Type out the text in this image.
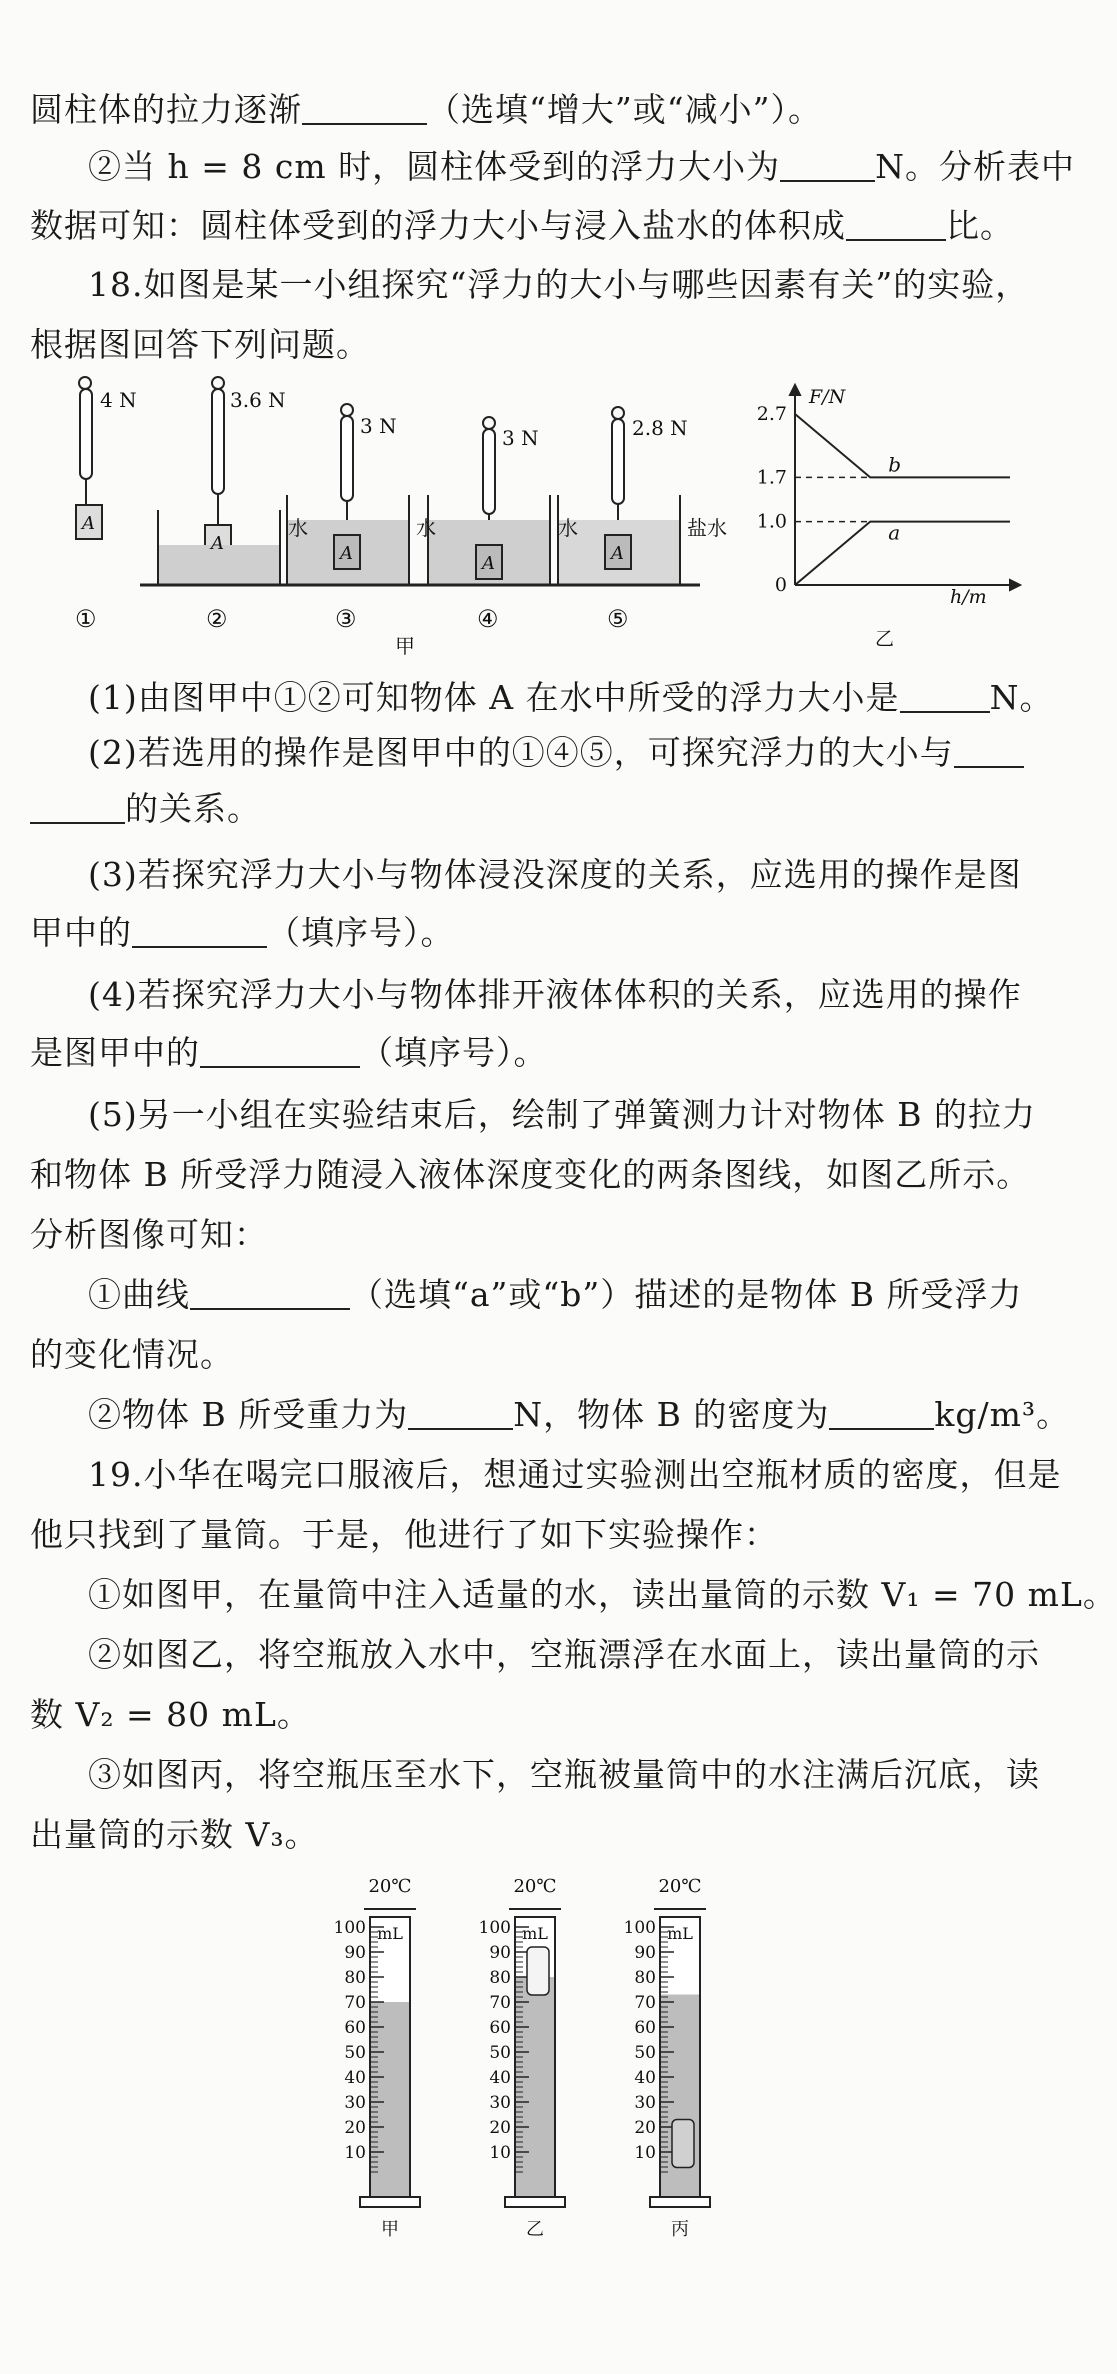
圆柱体的拉力逐渐	（选填“增大”或“减小”）。
②当 h = 8 cm 时，圆柱体受到的浮力大小为	N。分析表中
数据可知：圆柱体受到的浮力大小与浸入盐水的体积成	比。
18.如图是某一小组探究“浮力的大小与哪些因素有关”的实验，
根据图回答下列问题。
4 N	3.6 N
3 N	3 N	2.8 N
A
A	A	A	A
水	水	水	盐水
①	②	③	④	⑤
甲
2.7
1.7
1.0
0
b
a
F/N
h/m
乙
(1)由图甲中①②可知物体 A 在水中所受的浮力大小是	N。
(2)若选用的操作是图甲中的①④⑤，可探究浮力的大小与
的关系。
(3)若探究浮力大小与物体浸没深度的关系，应选用的操作是图
甲中的	（填序号）。
(4)若探究浮力大小与物体排开液体体积的关系，应选用的操作
是图甲中的	（填序号）。
(5)另一小组在实验结束后，绘制了弹簧测力计对物体 B 的拉力
和物体 B 所受浮力随浸入液体深度变化的两条图线，如图乙所示。
分析图像可知：
①曲线	（选填“a”或“b”）描述的是物体 B 所受浮力
的变化情况。
②物体 B 所受重力为	N，物体 B 的密度为	kg/m³。
19.小华在喝完口服液后，想通过实验测出空瓶材质的密度，但是
他只找到了量筒。于是，他进行了如下实验操作：
①如图甲，在量筒中注入适量的水，读出量筒的示数 V₁ = 70 mL。
②如图乙，将空瓶放入水中，空瓶漂浮在水面上，读出量筒的示
数 V₂ = 80 mL。
③如图丙，将空瓶压至水下，空瓶被量筒中的水注满后沉底，读
出量筒的示数 V₃。
20℃
mL
100
90
80
70
60
50
40
30
20
10
甲
20℃
mL
100
90
80
70
60
50
40
30
20
10
乙
20℃
mL
100
90
80
70
60
50
40
30
20
10
丙
